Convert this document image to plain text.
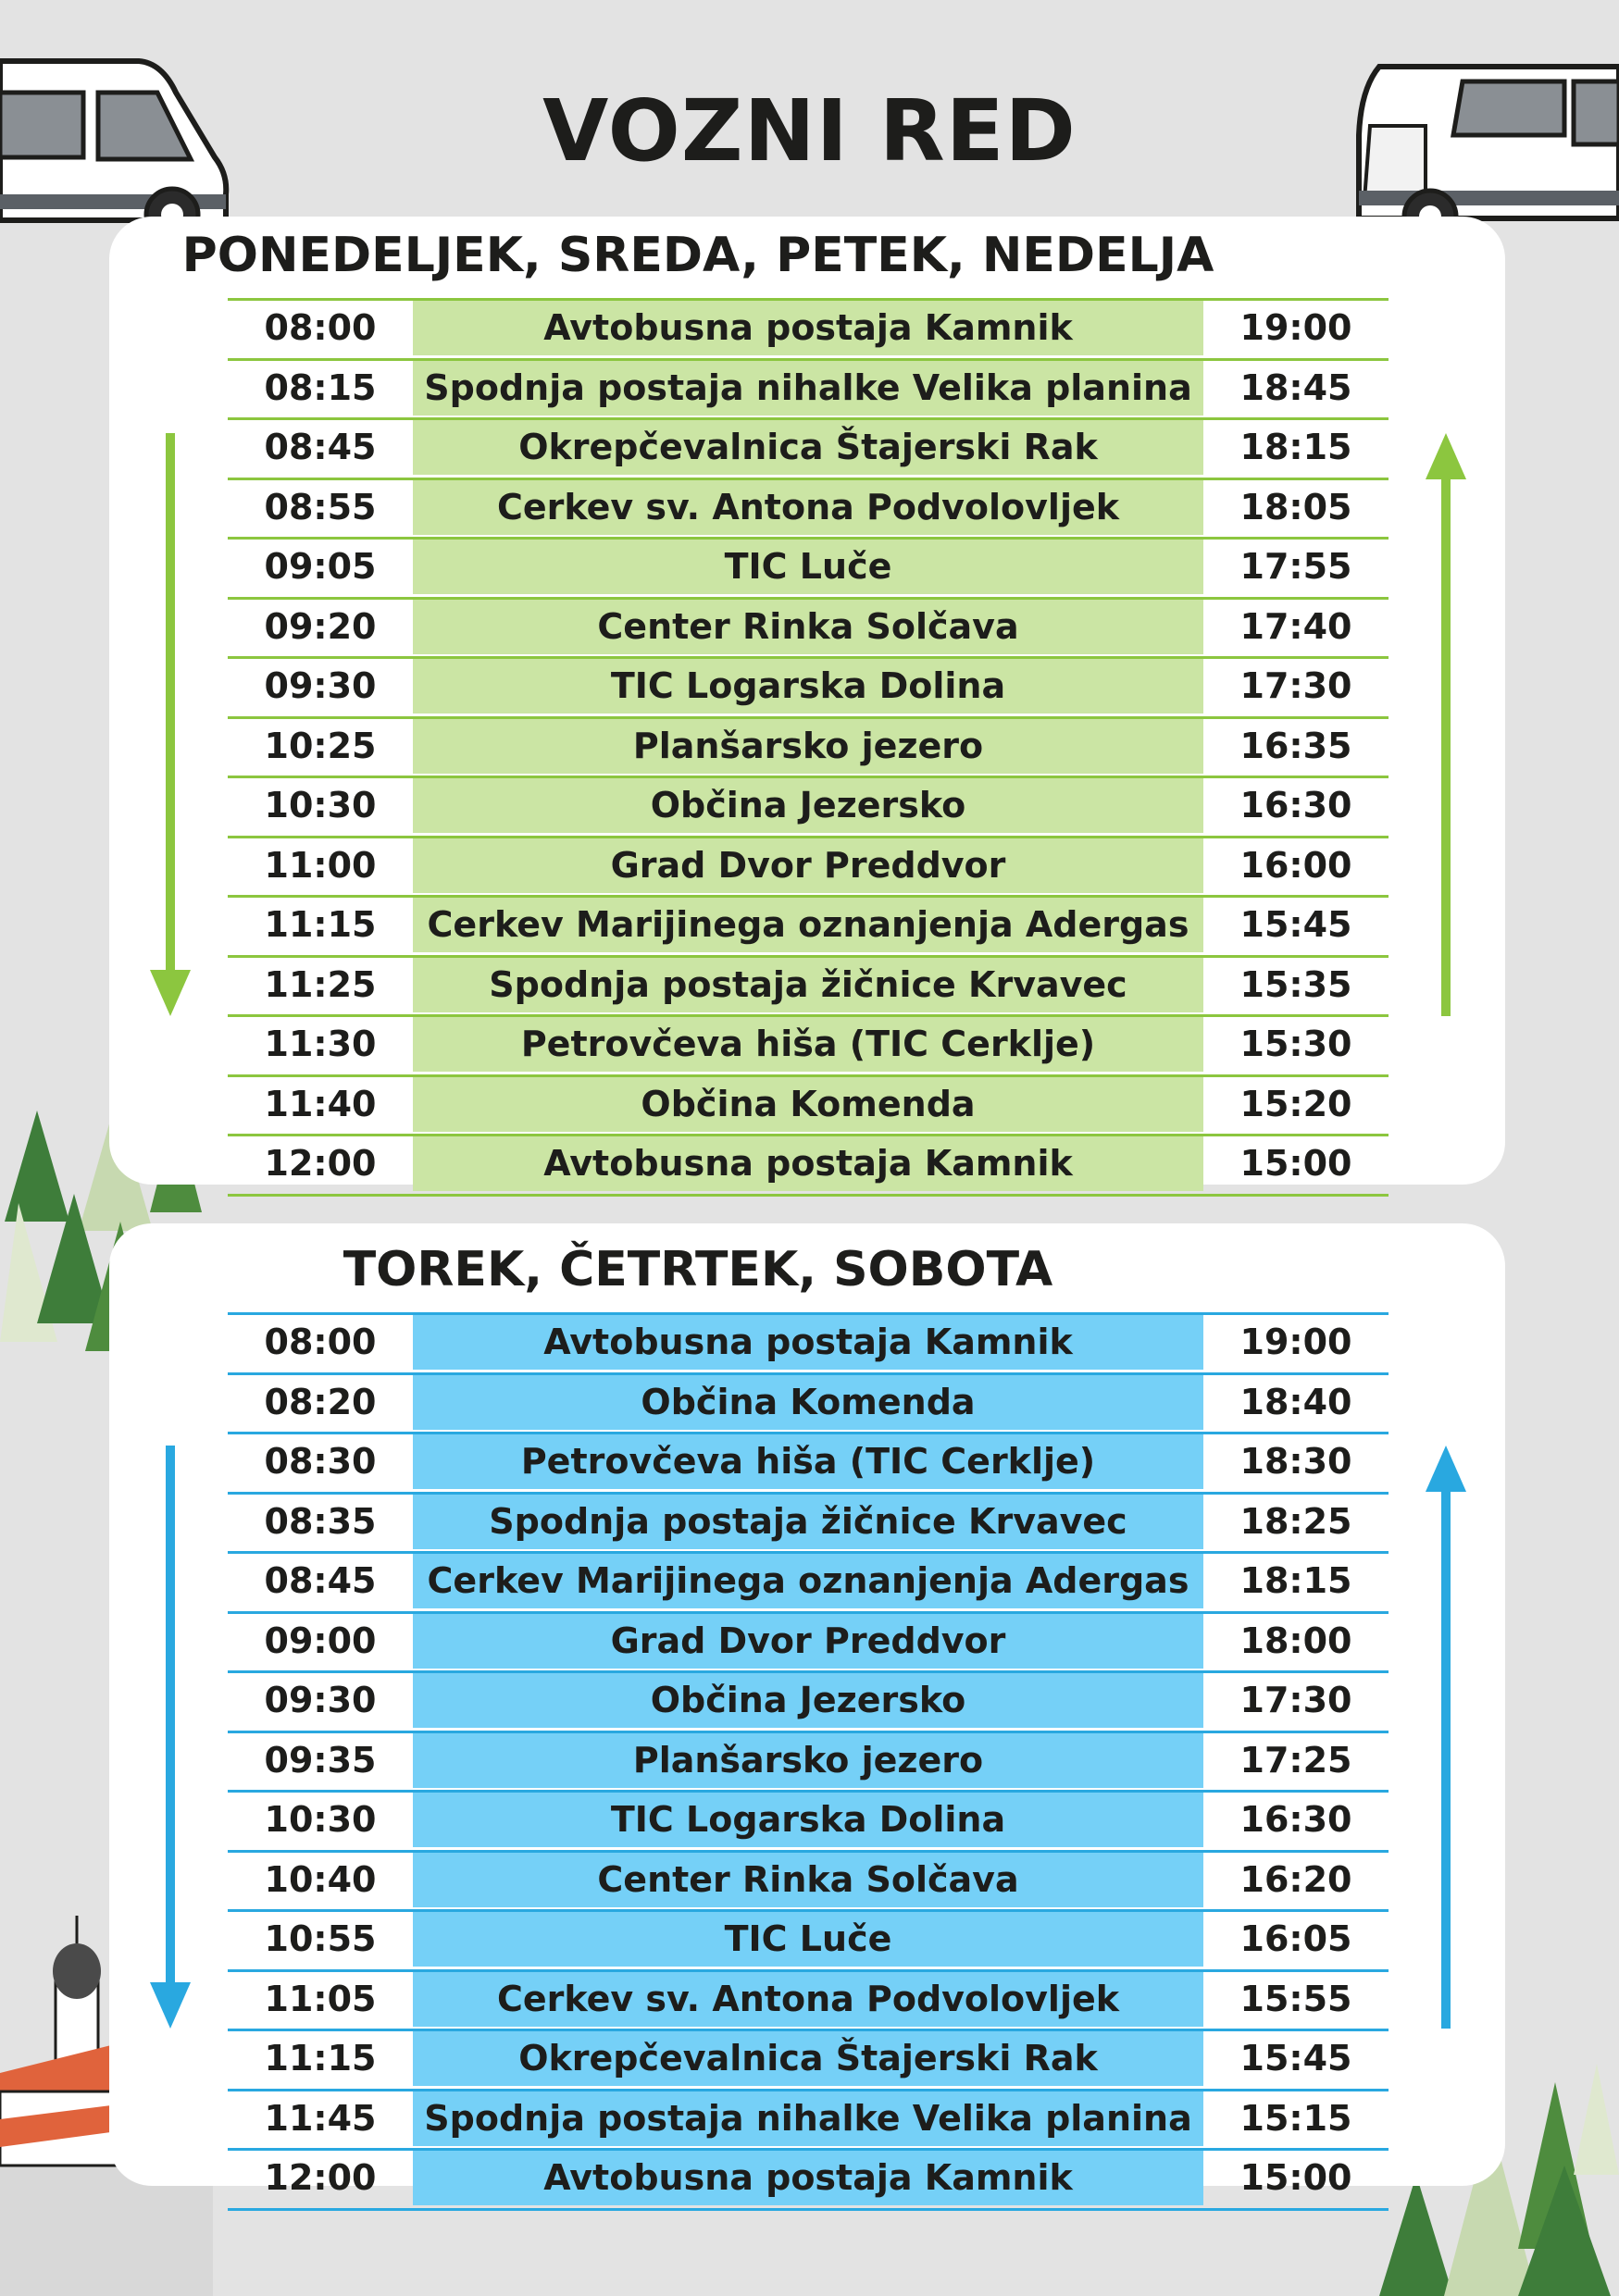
VOZNI RED
PONEDELJEK, SREDA, PETEK, NEDELJA
TOREK, ČETRTEK, SOBOTA
08:00	Avtobusna postaja Kamnik	19:00
08:15	Spodnja postaja nihalke Velika planina	18:45
08:45	Okrepčevalnica Štajerski Rak	18:15
08:55	Cerkev sv. Antona Podvolovljek	18:05
09:05	TIC Luče	17:55
09:20	Center Rinka Solčava	17:40
09:30	TIC Logarska Dolina	17:30
10:25	Planšarsko jezero	16:35
10:30	Občina Jezersko	16:30
11:00	Grad Dvor Preddvor	16:00
11:15	Cerkev Marijinega oznanjenja Adergas	15:45
11:25	Spodnja postaja žičnice Krvavec	15:35
11:30	Petrovčeva hiša (TIC Cerklje)	15:30
11:40	Občina Komenda	15:20
12:00	Avtobusna postaja Kamnik	15:00
08:00	Avtobusna postaja Kamnik	19:00
08:20	Občina Komenda	18:40
08:30	Petrovčeva hiša (TIC Cerklje)	18:30
08:35	Spodnja postaja žičnice Krvavec	18:25
08:45	Cerkev Marijinega oznanjenja Adergas	18:15
09:00	Grad Dvor Preddvor	18:00
09:30	Občina Jezersko	17:30
09:35	Planšarsko jezero	17:25
10:30	TIC Logarska Dolina	16:30
10:40	Center Rinka Solčava	16:20
10:55	TIC Luče	16:05
11:05	Cerkev sv. Antona Podvolovljek	15:55
11:15	Okrepčevalnica Štajerski Rak	15:45
11:45	Spodnja postaja nihalke Velika planina	15:15
12:00	Avtobusna postaja Kamnik	15:00
